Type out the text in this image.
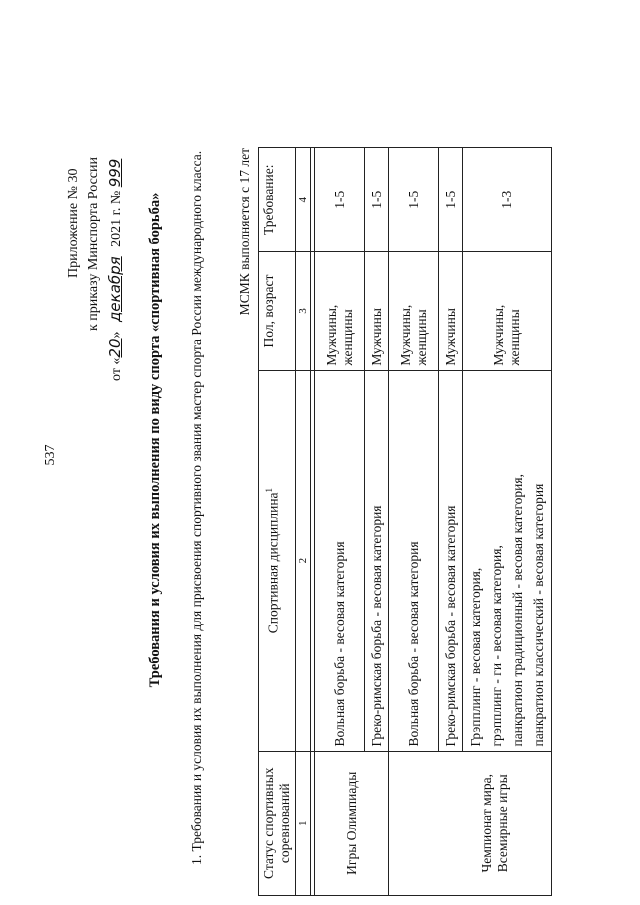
537
Приложение № 30 к приказу Минспорта России
от «20» декабря 2021 г. № 999
Требования и условия их выполнения по виду спорта «спортивная борьба» 1. Требования и условия их выполнения для присвоения спортивного звания мастер спорта России международного класса. МСМК выполняется с 17 лет
Статус спортивных соревнований	Спортивная дисциплина$^1$	Пол, возраст	Требование:
1	2	3	4

Игры Олимпиады	Вольная борьба - весовая категория	Мужчины, женщины	1-5
	Греко-римская борьба - весовая категория	Мужчины	1-5
Чемпионат мира, Всемирные игры	Вольная борьба - весовая категория	Мужчины, женщины	1-5
	Греко-римская борьба - весовая категория	Мужчины	1-5

	Грэпплинг - весовая категория, грэпплинг - ги - весовая категория, панкратион традиционный - весовая категория, панкратион классический - весовая категория	Мужчины, женщины	1-3
